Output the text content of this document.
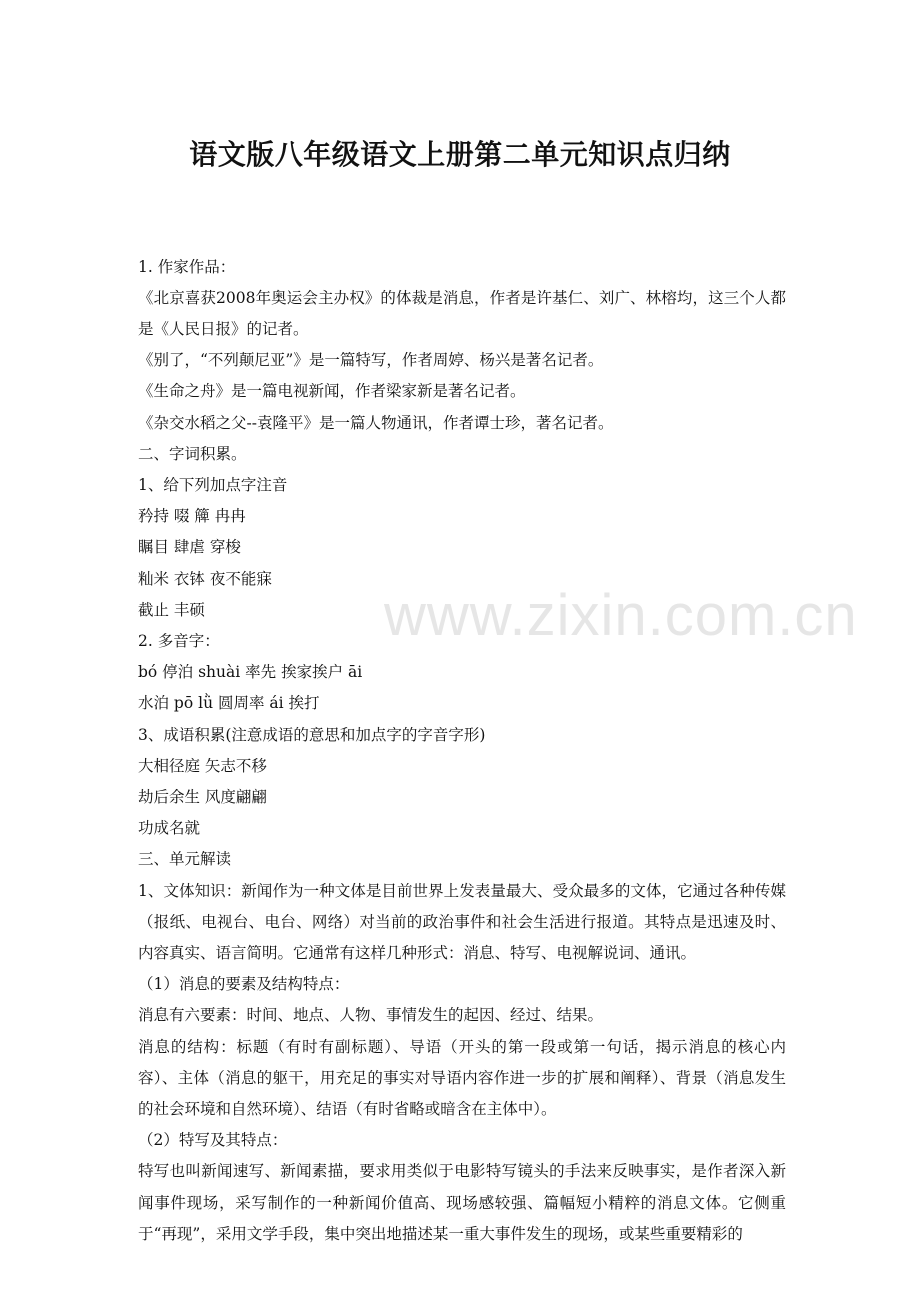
www.zixin.com.cn
语文版八年级语文上册第二单元知识点归纳

1. 作家作品：

《北京喜获2008年奥运会主办权》的体裁是消息，作者是许基仁、刘广、林榕均，这三个人都是《人民日报》的记者。

《别了，“不列颠尼亚”》是一篇特写，作者周婷、杨兴是著名记者。

《生命之舟》是一篇电视新闻，作者梁家新是著名记者。

《杂交水稻之父--袁隆平》是一篇人物通讯，作者谭士珍，著名记者。

二、字词积累。

1、给下列加点字注音

矜持 啜 簰 冉冉

瞩目 肆虐 穿梭

籼米 衣钵 夜不能寐

截止 丰硕

2. 多音字：

bó 停泊 shuài 率先 挨家挨户 āi

水泊 pō lǜ 圆周率 ái 挨打

3、成语积累(注意成语的意思和加点字的字音字形)

大相径庭 矢志不移

劫后余生 风度翩翩

功成名就

三、单元解读

1、文体知识：新闻作为一种文体是目前世界上发表量最大、受众最多的文体，它通过各种传媒（报纸、电视台、电台、网络）对当前的政治事件和社会生活进行报道。其特点是迅速及时、内容真实、语言简明。它通常有这样几种形式：消息、特写、电视解说词、通讯。

（1）消息的要素及结构特点：

消息有六要素：时间、地点、人物、事情发生的起因、经过、结果。

消息的结构：标题（有时有副标题）、导语（开头的第一段或第一句话，揭示消息的核心内容）、主体（消息的躯干，用充足的事实对导语内容作进一步的扩展和阐释）、背景（消息发生的社会环境和自然环境）、结语（有时省略或暗含在主体中）。

（2）特写及其特点：

特写也叫新闻速写、新闻素描，要求用类似于电影特写镜头的手法来反映事实，是作者深入新闻事件现场，采写制作的一种新闻价值高、现场感较强、篇幅短小精粹的消息文体。它侧重于“再现”，采用文学手段，集中突出地描述某一重大事件发生的现场，或某些重要精彩的
